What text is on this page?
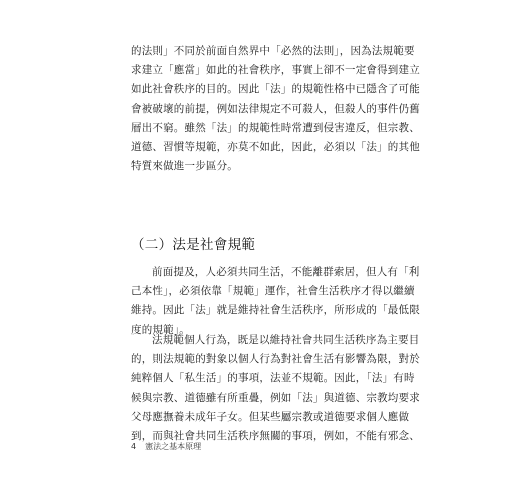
的法則」不同於前面自然界中「必然的法則」，因為法規範要
求建立「應當」如此的社會秩序，事實上卻不一定會得到建立
如此社會秩序的目的。因此「法」的規範性格中已隱含了可能
會被破壞的前提，例如法律規定不可殺人，但殺人的事件仍舊
層出不窮。雖然「法」的規範性時常遭到侵害違反，但宗教、
道德、習慣等規範，亦莫不如此，因此，必須以「法」的其他
特質來做進一步區分。
（二）法是社會規範
前面提及，人必須共同生活，不能離群索居，但人有「利
己本性」，必須依靠「規範」運作，社會生活秩序才得以繼續
維持。因此「法」就是維持社會生活秩序，所形成的「最低限
度的規範」。
法規範個人行為，既是以維持社會共同生活秩序為主要目
的，則法規範的對象以個人行為對社會生活有影響為限，對於
純粹個人「私生活」的事項，法並不規範。因此，「法」有時
候與宗教、道德雖有所重疊，例如「法」與道德、宗教均要求
父母應撫養未成年子女。但某些屬宗教或道德要求個人應做
到，而與社會共同生活秩序無關的事項，例如，不能有邪念、
4 憲法之基本原理
